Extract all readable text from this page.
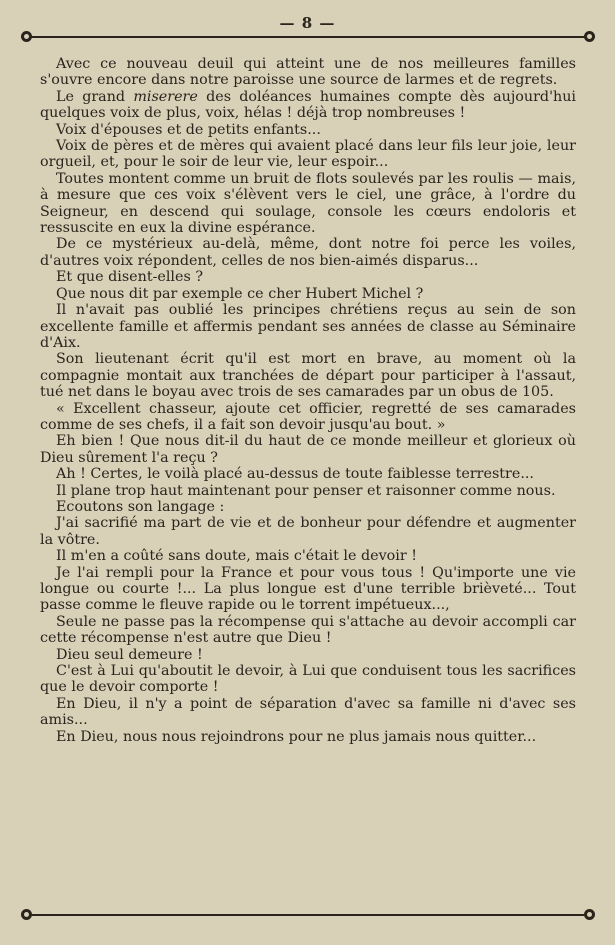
— 8 —

Avec ce nouveau deuil qui atteint une de nos meilleures familles s'ouvre encore dans notre paroisse une source de larmes et de regrets.

Le grand miserere des doléances humaines compte dès aujourd'hui quelques voix de plus, voix, hélas ! déjà trop nombreuses !

Voix d'épouses et de petits enfants...

Voix de pères et de mères qui avaient placé dans leur fils leur joie, leur orgueil, et, pour le soir de leur vie, leur espoir...

Toutes montent comme un bruit de flots soulevés par les roulis — mais, à mesure que ces voix s'élèvent vers le ciel, une grâce, à l'ordre du Seigneur, en descend qui soulage, console les cœurs endoloris et ressuscite en eux la divine espérance.

De ce mystérieux au-delà, même, dont notre foi perce les voiles, d'autres voix répondent, celles de nos bien-aimés disparus...

Et que disent-elles ?

Que nous dit par exemple ce cher Hubert Michel ?

Il n'avait pas oublié les principes chrétiens reçus au sein de son excellente famille et affermis pendant ses années de classe au Séminaire d'Aix.

Son lieutenant écrit qu'il est mort en brave, au moment où la compagnie montait aux tranchées de départ pour participer à l'assaut, tué net dans le boyau avec trois de ses camarades par un obus de 105.

« Excellent chasseur, ajoute cet officier, regretté de ses camarades comme de ses chefs, il a fait son devoir jusqu'au bout. »

Eh bien ! Que nous dit-il du haut de ce monde meilleur et glorieux où Dieu sûrement l'a reçu ?

Ah ! Certes, le voilà placé au-dessus de toute faiblesse terrestre...

Il plane trop haut maintenant pour penser et raisonner comme nous.

Ecoutons son langage :

J'ai sacrifié ma part de vie et de bonheur pour défendre et augmenter la vôtre.

Il m'en a coûté sans doute, mais c'était le devoir !

Je l'ai rempli pour la France et pour vous tous ! Qu'importe une vie longue ou courte !... La plus longue est d'une terrible brièveté... Tout passe comme le fleuve rapide ou le torrent impétueux...,

Seule ne passe pas la récompense qui s'attache au devoir accompli car cette récompense n'est autre que Dieu !

Dieu seul demeure !

C'est à Lui qu'aboutit le devoir, à Lui que conduisent tous les sacrifices que le devoir comporte !

En Dieu, il n'y a point de séparation d'avec sa famille ni d'avec ses amis...

En Dieu, nous nous rejoindrons pour ne plus jamais nous quitter...
